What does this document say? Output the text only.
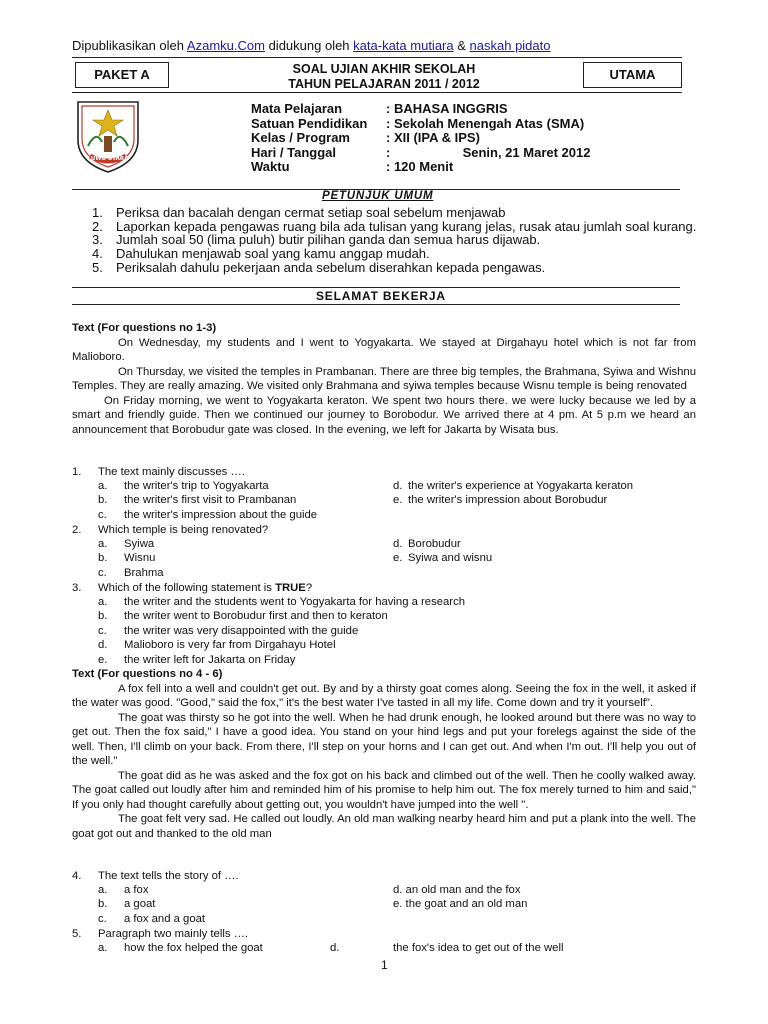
Dipublikasikan oleh Azamku.Com didukung oleh kata-kata mutiara & naskah pidato
PAKET A	UTAMA
SOAL UJIAN AKHIR SEKOLAH
TAHUN PELAJARAN 2011 / 2012
LUWU UTARA
Mata Pelajaran	: BAHASA INGGRIS
Satuan Pendidikan : Sekolah Menengah Atas (SMA)
Kelas / Program	: XII (IPA & IPS)
Hari / Tanggal	:                    Senin, 21 Maret 2012
Waktu	: 120 Menit
PETUNJUK UMUM
1. Periksa dan bacalah dengan cermat setiap soal sebelum menjawab
2. Laporkan kepada pengawas ruang bila ada tulisan yang kurang jelas, rusak atau jumlah soal kurang.
3. Jumlah soal 50 (lima puluh) butir pilihan ganda dan semua harus dijawab.
4. Dahulukan menjawab soal yang kamu anggap mudah.
5. Periksalah dahulu pekerjaan anda sebelum diserahkan kepada pengawas.
SELAMAT BEKERJA

Text (For questions no 1-3)

On Wednesday, my students and I went to Yogyakarta. We stayed at Dirgahayu hotel which is not far from Malioboro.

On Thursday, we visited the temples in Prambanan. There are three big temples, the Brahmana, Syiwa and Wishnu Temples. They are really amazing. We visited only Brahmana and syiwa temples because Wisnu temple is being renovated

On Friday morning, we went to Yogyakarta keraton. We spent two hours there. we were lucky because we led by a smart and friendly guide. Then we continued our journey to Borobodur. We arrived there at 4 pm. At 5 p.m we heard an announcement that Borobudur gate was closed. In the evening, we left for Jakarta by Wisata bus.

1. The text mainly discusses ….
a. the writer's trip to Yogyakarta
b. the writer's first visit to Prambanan
c. the writer's impression about the guide
d. the writer's experience at Yogyakarta keraton
e. the writer's impression about Borobudur
2. Which temple is being renovated?
a. Syiwa
b. Wisnu
c. Brahma
d. Borobudur
e. Syiwa and wisnu
3. Which of the following statement is TRUE?
a. the writer and the students went to Yogyakarta for having a research
b. the writer went to Borobudur first and then to keraton
c. the writer was very disappointed with the guide
d. Malioboro is very far from Dirgahayu Hotel
e. the writer left for Jakarta on Friday

Text (For questions no 4 - 6)

A fox fell into a well and couldn't get out. By and by a thirsty goat comes along. Seeing the fox in the well, it asked if the water was good. "Good," said the fox," it's the best water I've tasted in all my life. Come down and try it yourself".

The goat was thirsty so he got into the well. When he had drunk enough, he looked around but there was no way to get out. Then the fox said," I have a good idea. You stand on your hind legs and put your forelegs against the side of the well. Then, I'll climb on your back. From there, I'll step on your horns and I can get out. And when I'm out. I'll help you out of the well."

The goat did as he was asked and the fox got on his back and climbed out of the well. Then he coolly walked away. The goat called out loudly after him and reminded him of his promise to help him out. The fox merely turned to him and said," If you only had thought carefully about getting out, you wouldn't have jumped into the well ".

The goat felt very sad. He called out loudly. An old man walking nearby heard him and put a plank into the well. The goat got out and thanked to the old man

4. The text tells the story of ….
a. a fox
b. a goat
c. a fox and a goat
d. an old man and the fox
e. the goat and an old man
5. Paragraph two mainly tells ….
a. how the fox helped the goat	d.	the fox's idea to get out of the well
1
